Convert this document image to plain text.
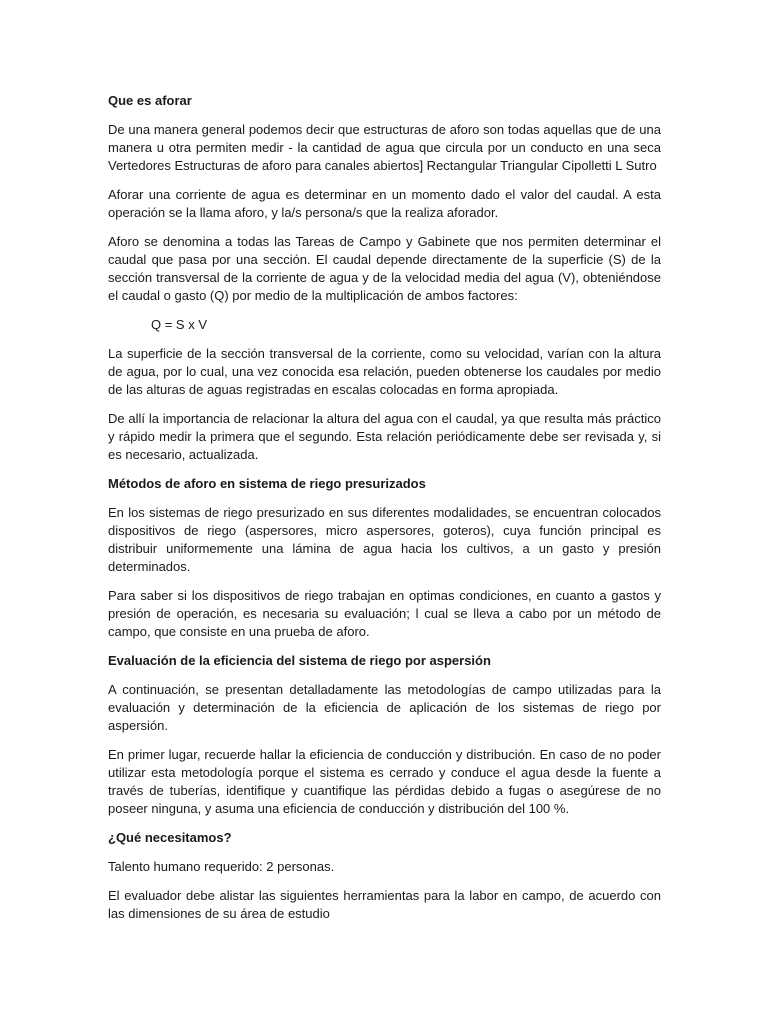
Que es aforar
De una manera general podemos decir que estructuras de aforo son todas aquellas que de una manera u otra permiten medir - la cantidad de agua que circula por un conducto en una seca Vertedores Estructuras de aforo para canales abiertos] Rectangular Triangular Cipolletti L Sutro
Aforar una corriente de agua es determinar en un momento dado el valor del caudal. A esta operación se la llama aforo, y la/s persona/s que la realiza aforador.
Aforo se denomina a todas las Tareas de Campo y Gabinete que nos permiten determinar el caudal que pasa por una sección. El caudal depende directamente de la superficie (S) de la sección transversal de la corriente de agua y de la velocidad media del agua (V), obteniéndose el caudal o gasto (Q) por medio de la multiplicación de ambos factores:
Q = S x V
La superficie de la sección transversal de la corriente, como su velocidad, varían con la altura de agua, por lo cual, una vez conocida esa relación, pueden obtenerse los caudales por medio de las alturas de aguas registradas en escalas colocadas en forma apropiada.
De allí la importancia de relacionar la altura del agua con el caudal, ya que resulta más práctico y rápido medir la primera que el segundo. Esta relación periódicamente debe ser revisada y, si es necesario, actualizada.
Métodos de aforo en sistema de riego presurizados
En los sistemas de riego presurizado en sus diferentes modalidades, se encuentran colocados dispositivos de riego (aspersores, micro aspersores, goteros), cuya función principal es distribuir uniformemente una lámina de agua hacia los cultivos, a un gasto y presión determinados.
Para saber si los dispositivos de riego trabajan en optimas condiciones, en cuanto a gastos y presión de operación, es necesaria su evaluación; l cual se lleva a cabo por un método de campo, que consiste en una prueba de aforo.
Evaluación de la eficiencia del sistema de riego por aspersión
A continuación, se presentan detalladamente las metodologías de campo utilizadas para la evaluación y determinación de la eficiencia de aplicación de los sistemas de riego por aspersión.
En primer lugar, recuerde hallar la eficiencia de conducción y distribución. En caso de no poder utilizar esta metodología porque el sistema es cerrado y conduce el agua desde la fuente a través de tuberías, identifique y cuantifique las pérdidas debido a fugas o asegúrese de no poseer ninguna, y asuma una eficiencia de conducción y distribución del 100 %.
¿Qué necesitamos?
Talento humano requerido: 2 personas.
El evaluador debe alistar las siguientes herramientas para la labor en campo, de acuerdo con las dimensiones de su área de estudio
